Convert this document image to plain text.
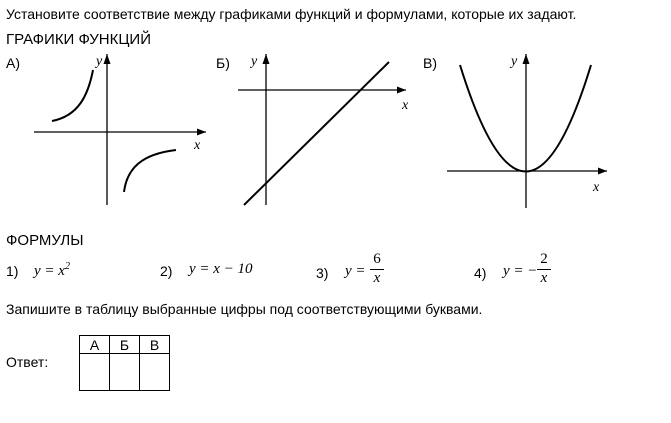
Установите соответствие между графиками функций и формулами, которые их задают.
ГРАФИКИ ФУНКЦИЙ
А)	Б)	В)
x
y
x
y
x
y
ФОРМУЛЫ
1) $y = x^2$	2) y = x − 10	3) $y = \frac{6}{x}$	4) y = − $\frac{2}{x}$
Запишите в таблицу выбранные цифры под соответствующими буквами.
Ответ:
А	Б	В
